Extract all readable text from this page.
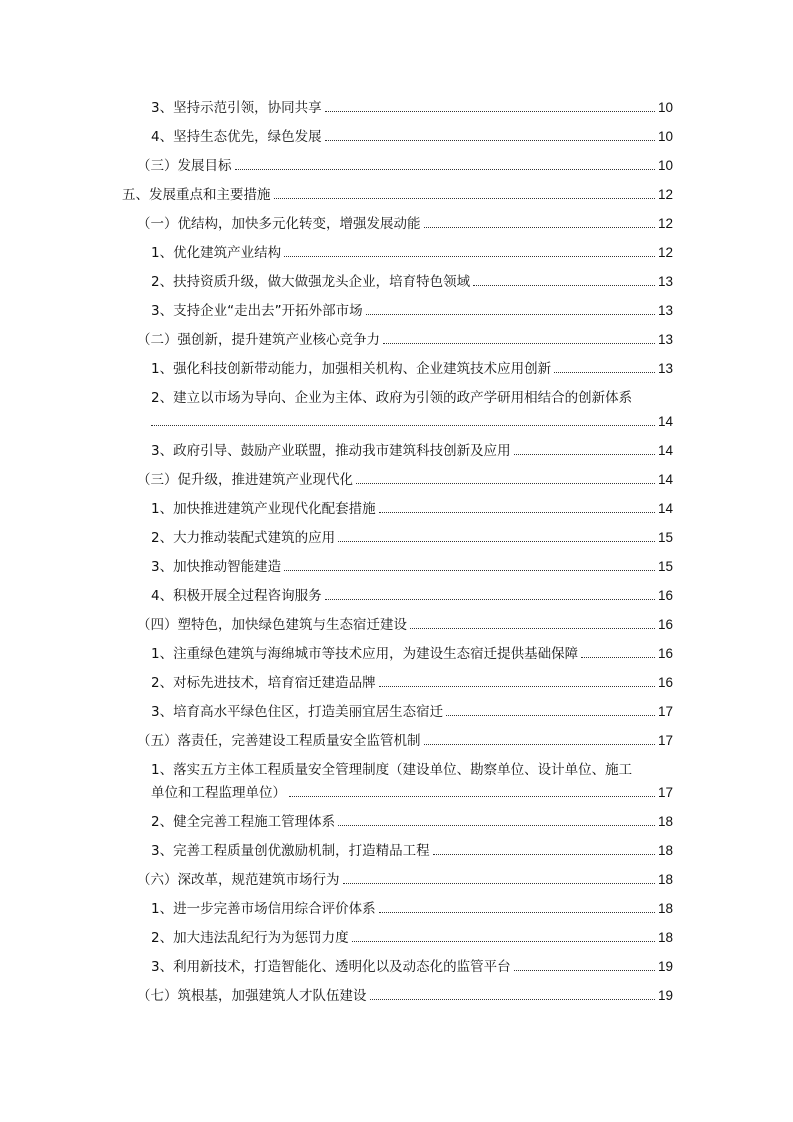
3、坚持示范引领，协同共享	10
4、坚持生态优先，绿色发展	10
（三）发展目标	10
五、发展重点和主要措施	12
（一）优结构，加快多元化转变，增强发展动能	12
1、优化建筑产业结构	12
2、扶持资质升级，做大做强龙头企业，培育特色领域	13
3、支持企业“走出去”开拓外部市场	13
（二）强创新，提升建筑产业核心竞争力	13
1、强化科技创新带动能力，加强相关机构、企业建筑技术应用创新	13
2、建立以市场为导向、企业为主体、政府为引领的政产学研用相结合的创新体系
14
3、政府引导、鼓励产业联盟，推动我市建筑科技创新及应用	14
（三）促升级，推进建筑产业现代化	14
1、加快推进建筑产业现代化配套措施	14
2、大力推动装配式建筑的应用	15
3、加快推动智能建造	15
4、积极开展全过程咨询服务	16
（四）塑特色，加快绿色建筑与生态宿迁建设	16
1、注重绿色建筑与海绵城市等技术应用，为建设生态宿迁提供基础保障	16
2、对标先进技术，培育宿迁建造品牌	16
3、培育高水平绿色住区，打造美丽宜居生态宿迁	17
（五）落责任，完善建设工程质量安全监管机制	17
1、落实五方主体工程质量安全管理制度（建设单位、勘察单位、设计单位、施工
单位和工程监理单位）	17
2、健全完善工程施工管理体系	18
3、完善工程质量创优激励机制，打造精品工程	18
（六）深改革，规范建筑市场行为	18
1、进一步完善市场信用综合评价体系	18
2、加大违法乱纪行为为惩罚力度	18
3、利用新技术，打造智能化、透明化以及动态化的监管平台	19
（七）筑根基，加强建筑人才队伍建设	19
